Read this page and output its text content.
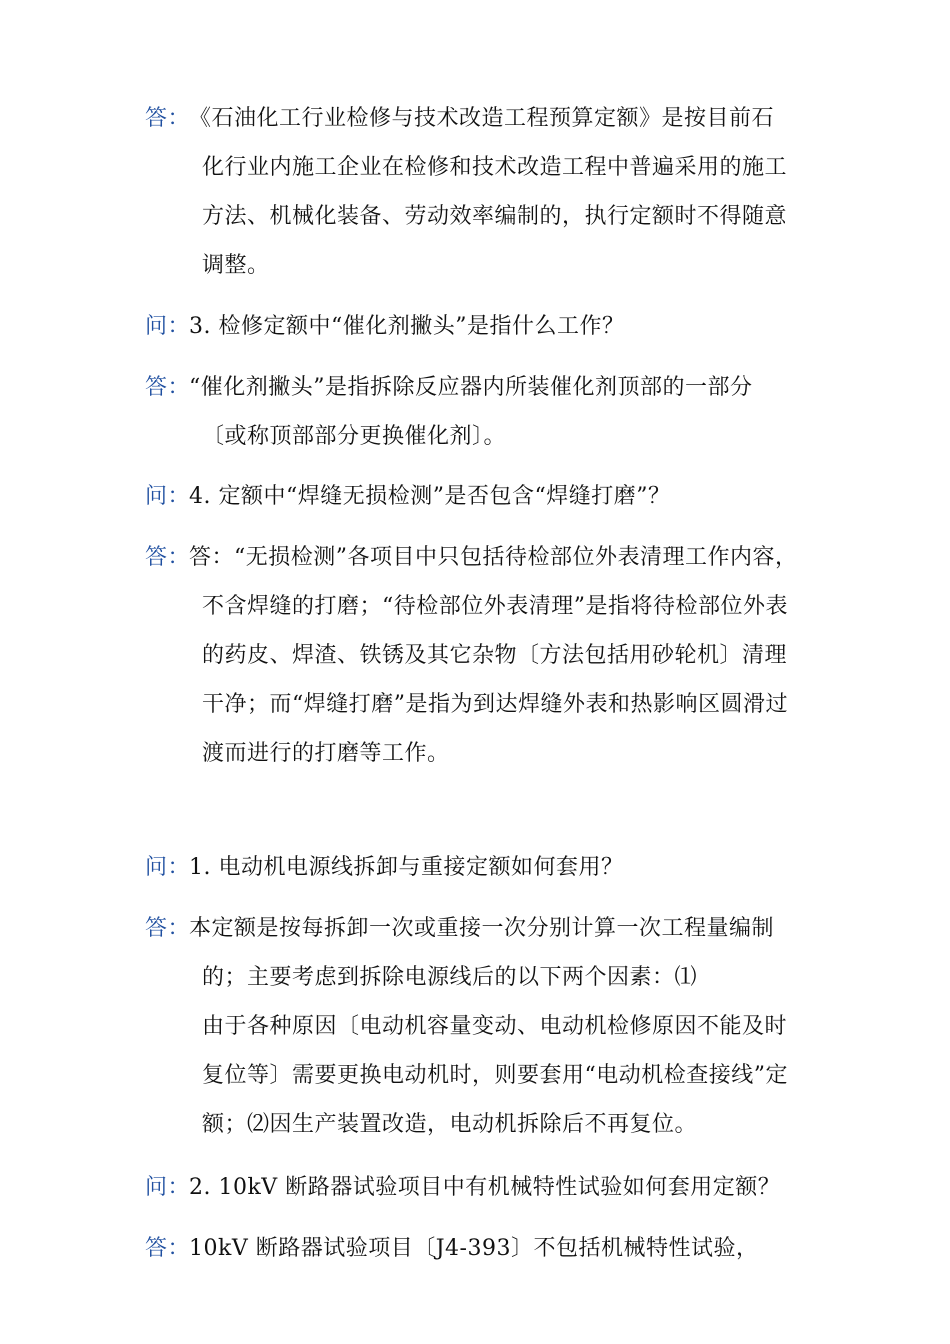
答：
《石油化工行业检修与技术改造工程预算定额》是按目前石
化行业内施工企业在检修和技术改造工程中普遍采用的施工
方法、机械化装备、劳动效率编制的，执行定额时不得随意
调整。
问：
3. 检修定额中“催化剂撇头”是指什么工作？
答：
“催化剂撇头”是指拆除反应器内所装催化剂顶部的一部分
〔或称顶部部分更换催化剂〕。
问：
4. 定额中“焊缝无损检测”是否包含“焊缝打磨”？
答：
答：“无损检测”各项目中只包括待检部位外表清理工作内容，
不含焊缝的打磨；“待检部位外表清理”是指将待检部位外表
的药皮、焊渣、铁锈及其它杂物〔方法包括用砂轮机〕清理
干净；而“焊缝打磨”是指为到达焊缝外表和热影响区圆滑过
渡而进行的打磨等工作。
问：
1. 电动机电源线拆卸与重接定额如何套用？
答：
本定额是按每拆卸一次或重接一次分别计算一次工程量编制
的；主要考虑到拆除电源线后的以下两个因素：⑴
由于各种原因〔电动机容量变动、电动机检修原因不能及时
复位等〕需要更换电动机时，则要套用“电动机检查接线”定
额；⑵因生产装置改造，电动机拆除后不再复位。
问：
2. 10kV 断路器试验项目中有机械特性试验如何套用定额？
答：
10kV 断路器试验项目〔J4-393〕不包括机械特性试验，
